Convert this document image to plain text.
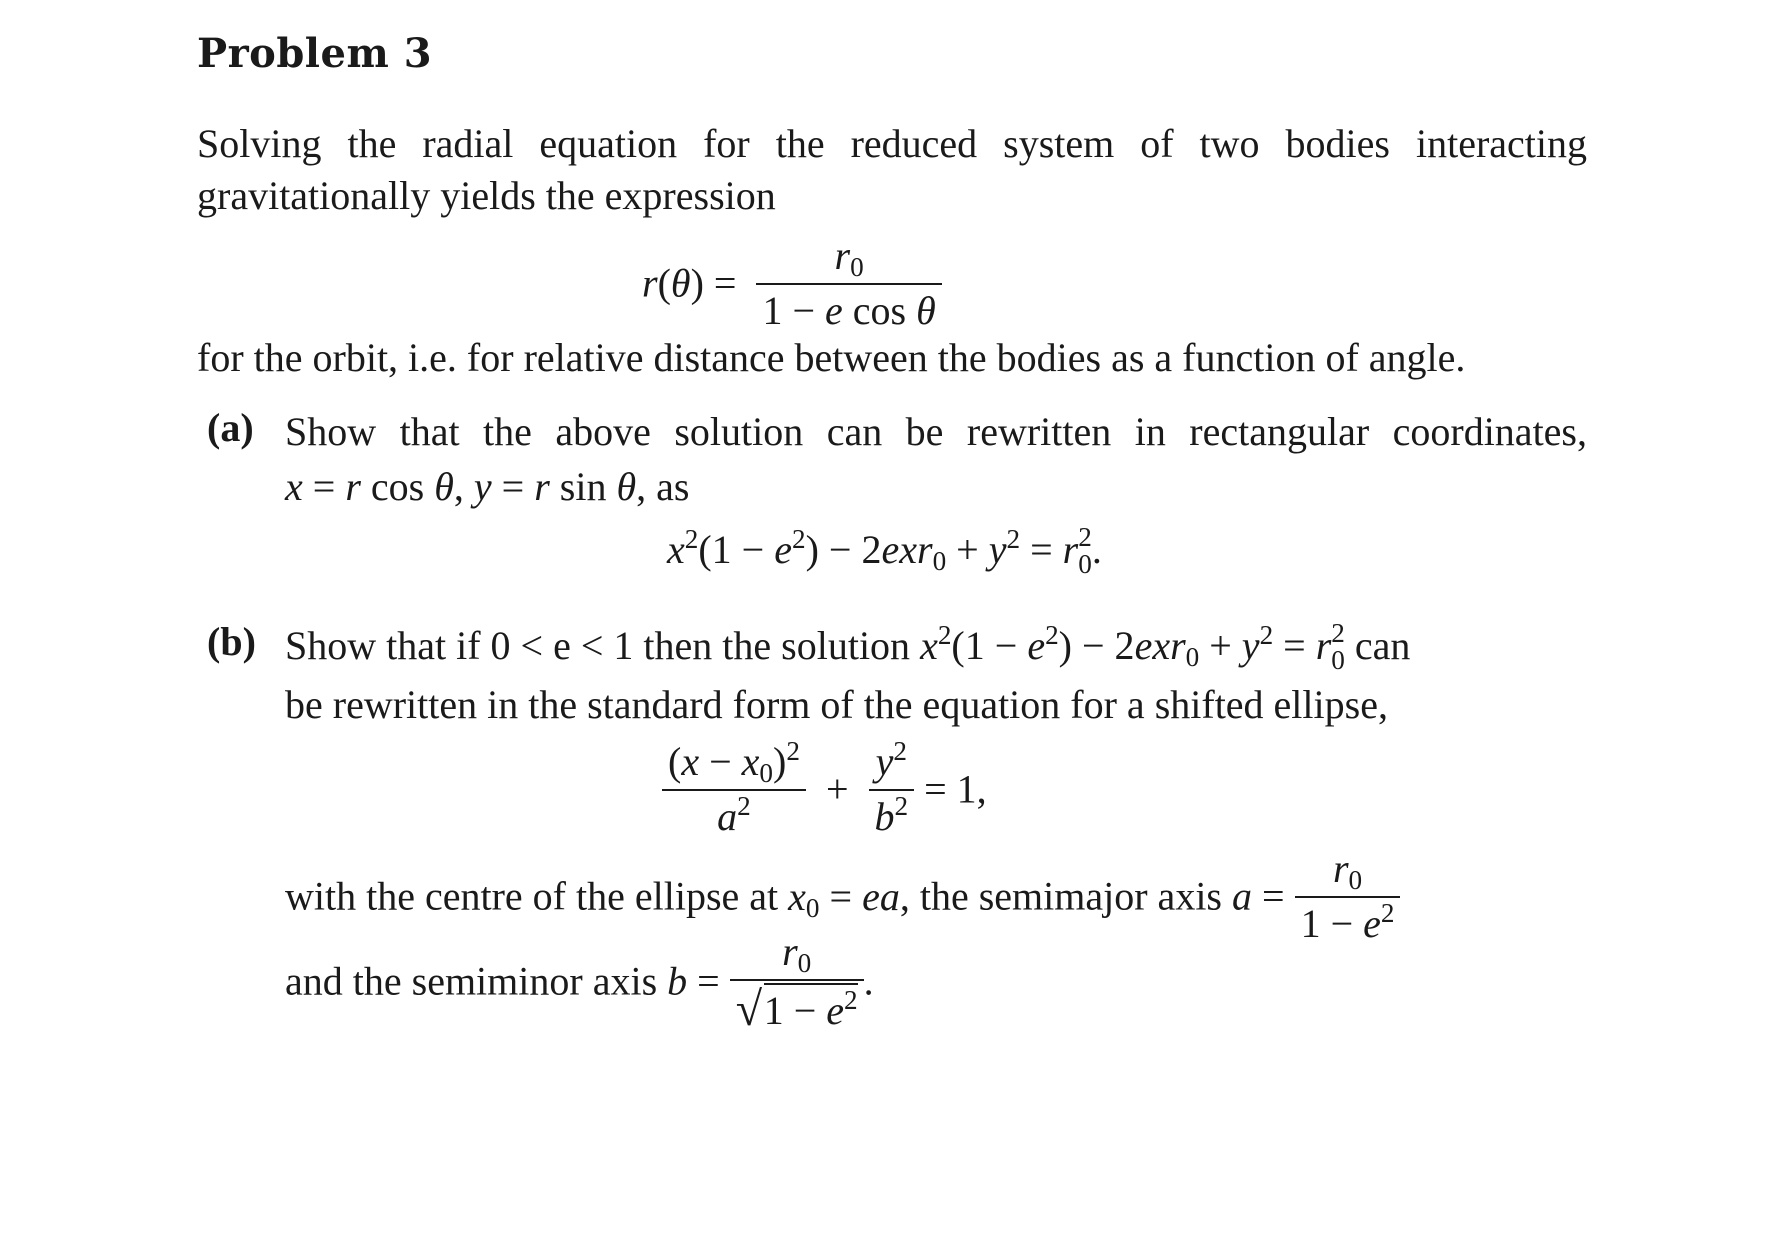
Problem 3
Solving the radial equation for the reduced system of two bodies interacting
gravitationally yields the expression
$r(\theta) = \frac{r_0}{\text{1 − e cos θ}}$
for the orbit, i.e. for relative distance between the bodies as a function of angle.
(a) Show that the above solution can be rewritten in rectangular coordinates,
x = r cos θ, y = r sin θ, as
$x^2(1 - e^2) - 2exr_0 + y^2 = r$ 2
0 .
(b) Show that if 0 < e < 1 then the solution $x^2(1 - e^2) - 2exr_0 + y^2 = r$ 2
0 can
be rewritten in the standard form of the equation for a shifted ellipse,
$\frac{(x - x_0)^2}{a^2} + \frac{y^2}{b^2} = 1$,
with the centre of the ellipse at $x_0$ = ea, the semimajor axis $a = \frac{r_0}{1 - e^2}$
and the semiminor axis $b = \frac{r_0}{√ 1 - e^2}$ .
